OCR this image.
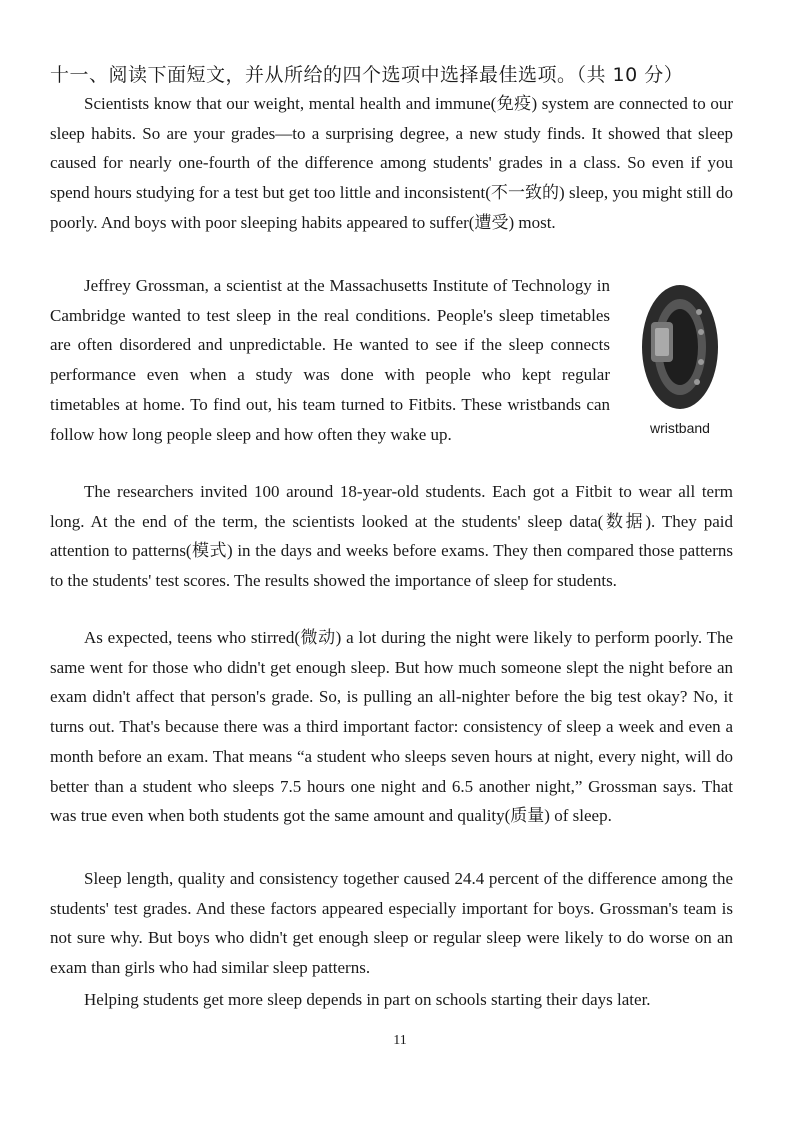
十一、阅读下面短文，并从所给的四个选项中选择最佳选项。（共 10 分）

Scientists know that our weight, mental health and immune(免疫) system are connected to our sleep habits. So are your grades—to a surprising degree, a new study finds. It showed that sleep caused for nearly one-fourth of the difference among students' grades in a class. So even if you spend hours studying for a test but get too little and inconsistent(不一致的) sleep, you might still do poorly. And boys with poor sleeping habits appeared to suffer(遭受) most.

Jeffrey Grossman, a scientist at the Massachusetts Institute of Technology in Cambridge wanted to test sleep in the real conditions. People's sleep timetables are often disordered and unpredictable. He wanted to see if the sleep connects performance even when a study was done with people who kept regular timetables at home. To find out, his team turned to Fitbits. These wristbands can follow how long people sleep and how often they wake up.	wristband

The researchers invited 100 around 18-year-old students. Each got a Fitbit to wear all term long. At the end of the term, the scientists looked at the students' sleep data(数据). They paid attention to patterns(模式) in the days and weeks before exams. They then compared those patterns to the students' test scores. The results showed the importance of sleep for students.

As expected, teens who stirred(微动) a lot during the night were likely to perform poorly. The same went for those who didn't get enough sleep. But how much someone slept the night before an exam didn't affect that person's grade. So, is pulling an all-nighter before the big test okay? No, it turns out. That's because there was a third important factor: consistency of sleep a week and even a month before an exam. That means “a student who sleeps seven hours at night, every night, will do better than a student who sleeps 7.5 hours one night and 6.5 another night,” Grossman says. That was true even when both students got the same amount and quality(质量) of sleep.

Sleep length, quality and consistency together caused 24.4 percent of the difference among the students' test grades. And these factors appeared especially important for boys. Grossman's team is not sure why. But boys who didn't get enough sleep or regular sleep were likely to do worse on an exam than girls who had similar sleep patterns.

Helping students get more sleep depends in part on schools starting their days later.

11
